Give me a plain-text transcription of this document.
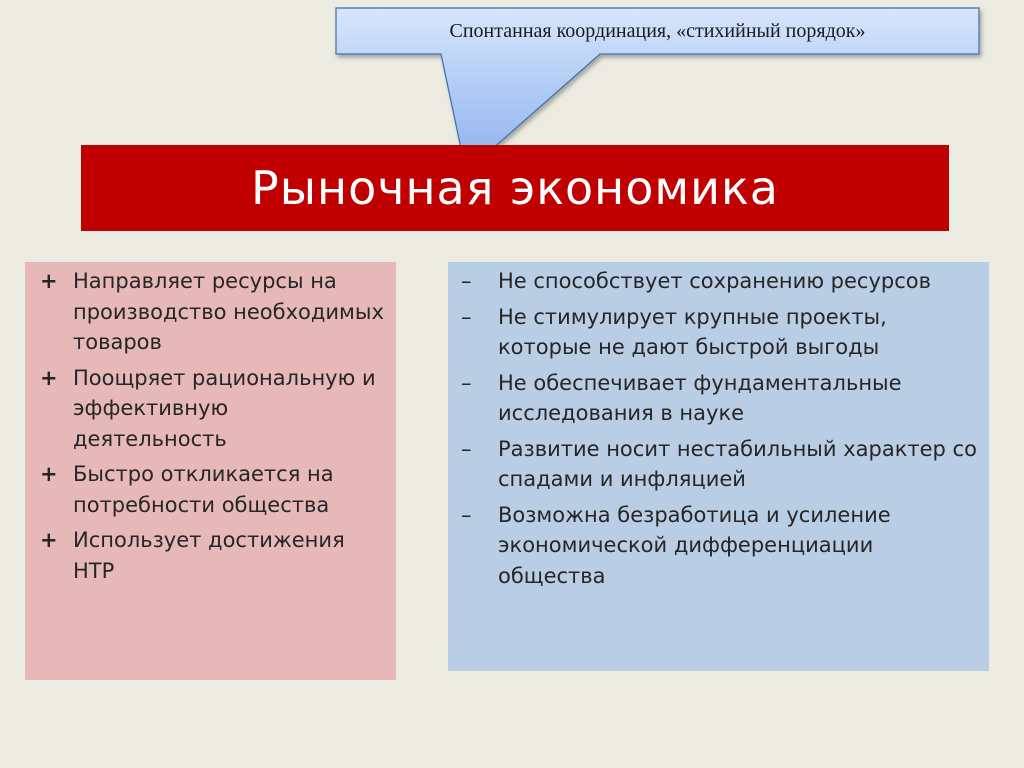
Спонтанная координация, «стихийный порядок»
Рыночная экономика
+ Направляет ресурсы на производство необходимых товаров
+ Поощряет рациональную и эффективную деятельность
+ Быстро откликается на потребности общества
+ Использует достижения НТР
– Не способствует сохранению ресурсов
– Не стимулирует крупные проекты, которые не дают быстрой выгоды
– Не обеспечивает фундаментальные исследования в науке
– Развитие носит нестабильный характер со спадами и инфляцией
– Возможна безработица и усиление экономической дифференциации общества
